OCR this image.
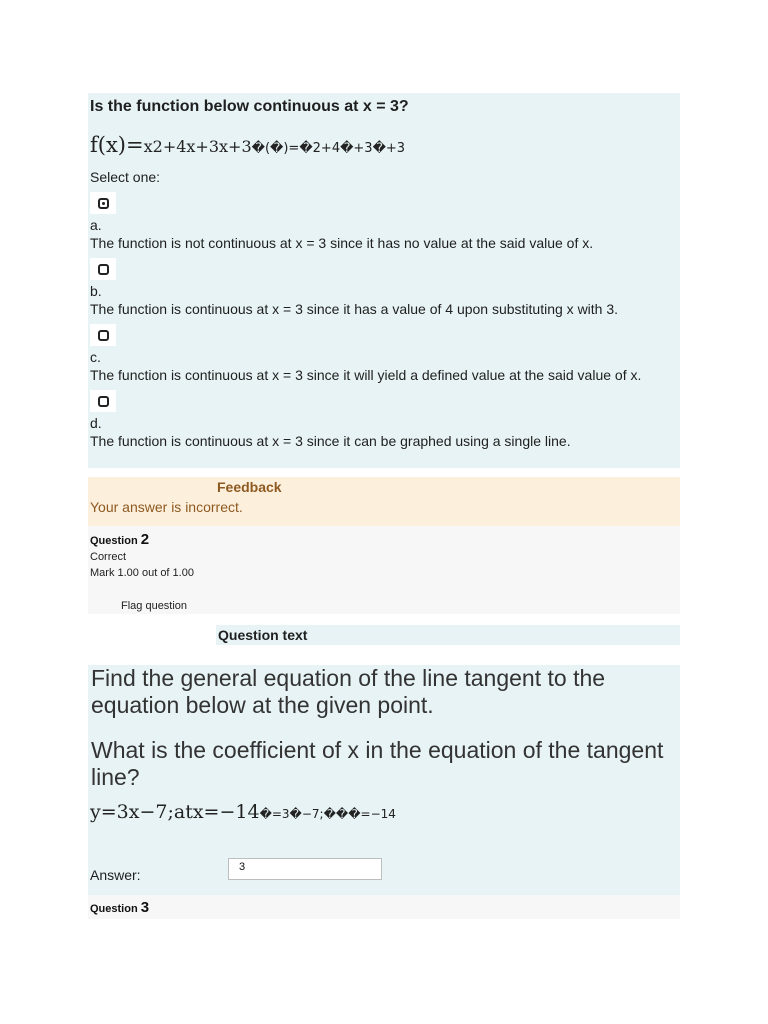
Is the function below continuous at x = 3?
f(x)=x2+4x+3x+3�(�)=�2+4�+3�+3
Select one:
a.
The function is not continuous at x = 3 since it has no value at the said value of x.
b.
The function is continuous at x = 3 since it has a value of 4 upon substituting x with 3.
c.
The function is continuous at x = 3 since it will yield a defined value at the said value of x.
d.
The function is continuous at x = 3 since it can be graphed using a single line.
Feedback
Your answer is incorrect.
Question 2
Correct
Mark 1.00 out of 1.00
Flag question
Question text
Find the general equation of the line tangent to the equation below at the given point.
What is the coefficient of x in the equation of the tangent line?
y=3x−7;atx=−14�=3�−7;���=−14
Answer:	3
Question 3
